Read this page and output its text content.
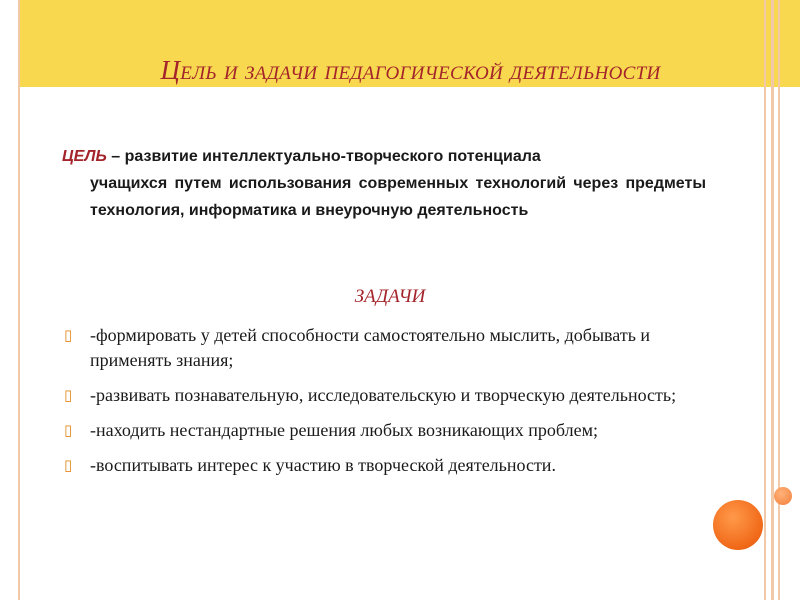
Цель и задачи педагогической деятельности
ЦЕЛЬ – развитие интеллектуально-творческого потенциала
учащихся путем использования современных технологий через предметы технология, информатика и внеурочную деятельность
ЗАДАЧИ
▯ -формировать у детей способности самостоятельно мыслить, добывать и применять знания;
▯ -развивать познавательную, исследовательскую и творческую деятельность;
▯ -находить нестандартные решения любых возникающих проблем;
▯ -воспитывать интерес к участию в творческой деятельности.
